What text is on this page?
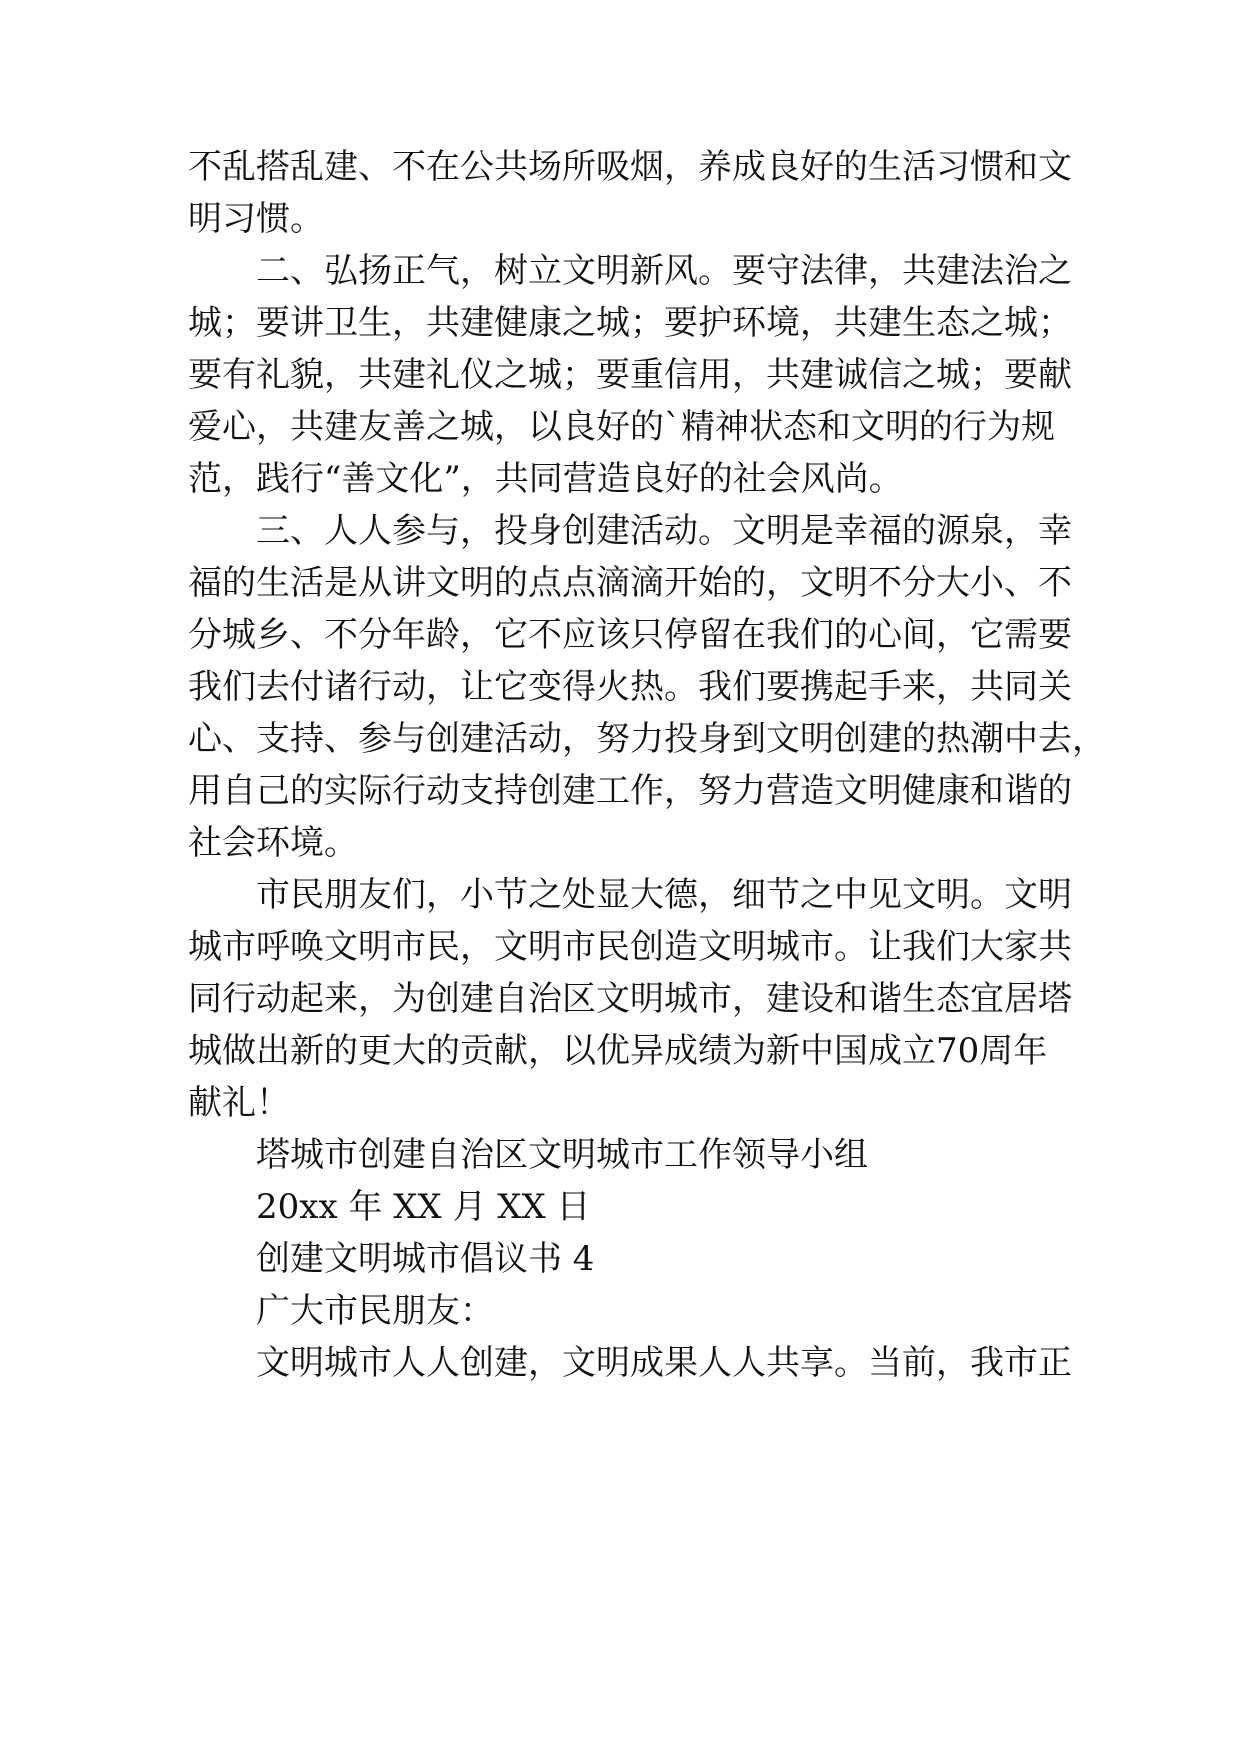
不乱搭乱建、不在公共场所吸烟，养成良好的生活习惯和文
明习惯。
二、弘扬正气，树立文明新风。要守法律，共建法治之
城；要讲卫生，共建健康之城；要护环境，共建生态之城；
要有礼貌，共建礼仪之城；要重信用，共建诚信之城；要献
爱心，共建友善之城，以良好的`精神状态和文明的行为规
范，践行“善文化”，共同营造良好的社会风尚。
三、人人参与，投身创建活动。文明是幸福的源泉，幸
福的生活是从讲文明的点点滴滴开始的，文明不分大小、不
分城乡、不分年龄，它不应该只停留在我们的心间，它需要
我们去付诸行动，让它变得火热。我们要携起手来，共同关
心、支持、参与创建活动，努力投身到文明创建的热潮中去，
用自己的实际行动支持创建工作，努力营造文明健康和谐的
社会环境。
市民朋友们，小节之处显大德，细节之中见文明。文明
城市呼唤文明市民，文明市民创造文明城市。让我们大家共
同行动起来，为创建自治区文明城市，建设和谐生态宜居塔
城做出新的更大的贡献，以优异成绩为新中国成立70周年
献礼！
塔城市创建自治区文明城市工作领导小组
20xx 年 XX 月 XX 日
创建文明城市倡议书 4
广大市民朋友：
文明城市人人创建，文明成果人人共享。当前，我市正
